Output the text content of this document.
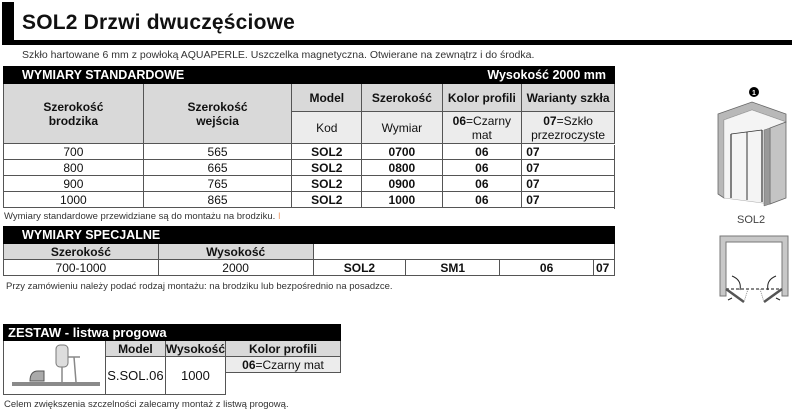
SOL2 Drzwi dwuczęściowe
Szkło hartowane 6 mm z powłoką AQUAPERLE. Uszczelka magnetyczna. Otwierane na zewnątrz i do środka.
WYMIARY STANDARDOWE		Wysokość 2000 mm			
Szerokość brodzika	Szerokość wejścia	Model	Szerokość	Kolor profili	Warianty szkła
		Kod	Wymiar	06=Czarny mat	07=Szkło przezroczyste
700	565	SOL2	0700	06	07
800	665	SOL2	0800	06	07
900	765	SOL2	0900	06	07
1000	865	SOL2	1000	06	07
Wymiary standardowe przewidziane są do montażu na brodziku. I
WYMIARY SPECJALNE					
Szerokość	Wysokość				
700-1000	2000	SOL2	SM1	06	07
Przy zamówieniu należy podać rodzaj montażu: na brodziku lub bezpośrednio na posadzce.
ZESTAW - listwa progowa			
	Model	Wysokość	Kolor profili
	S.SOL.06	1000	06=Czarny mat

Celem zwiększenia szczelności zalecamy montaż z listwą progową.
1
SOL2
